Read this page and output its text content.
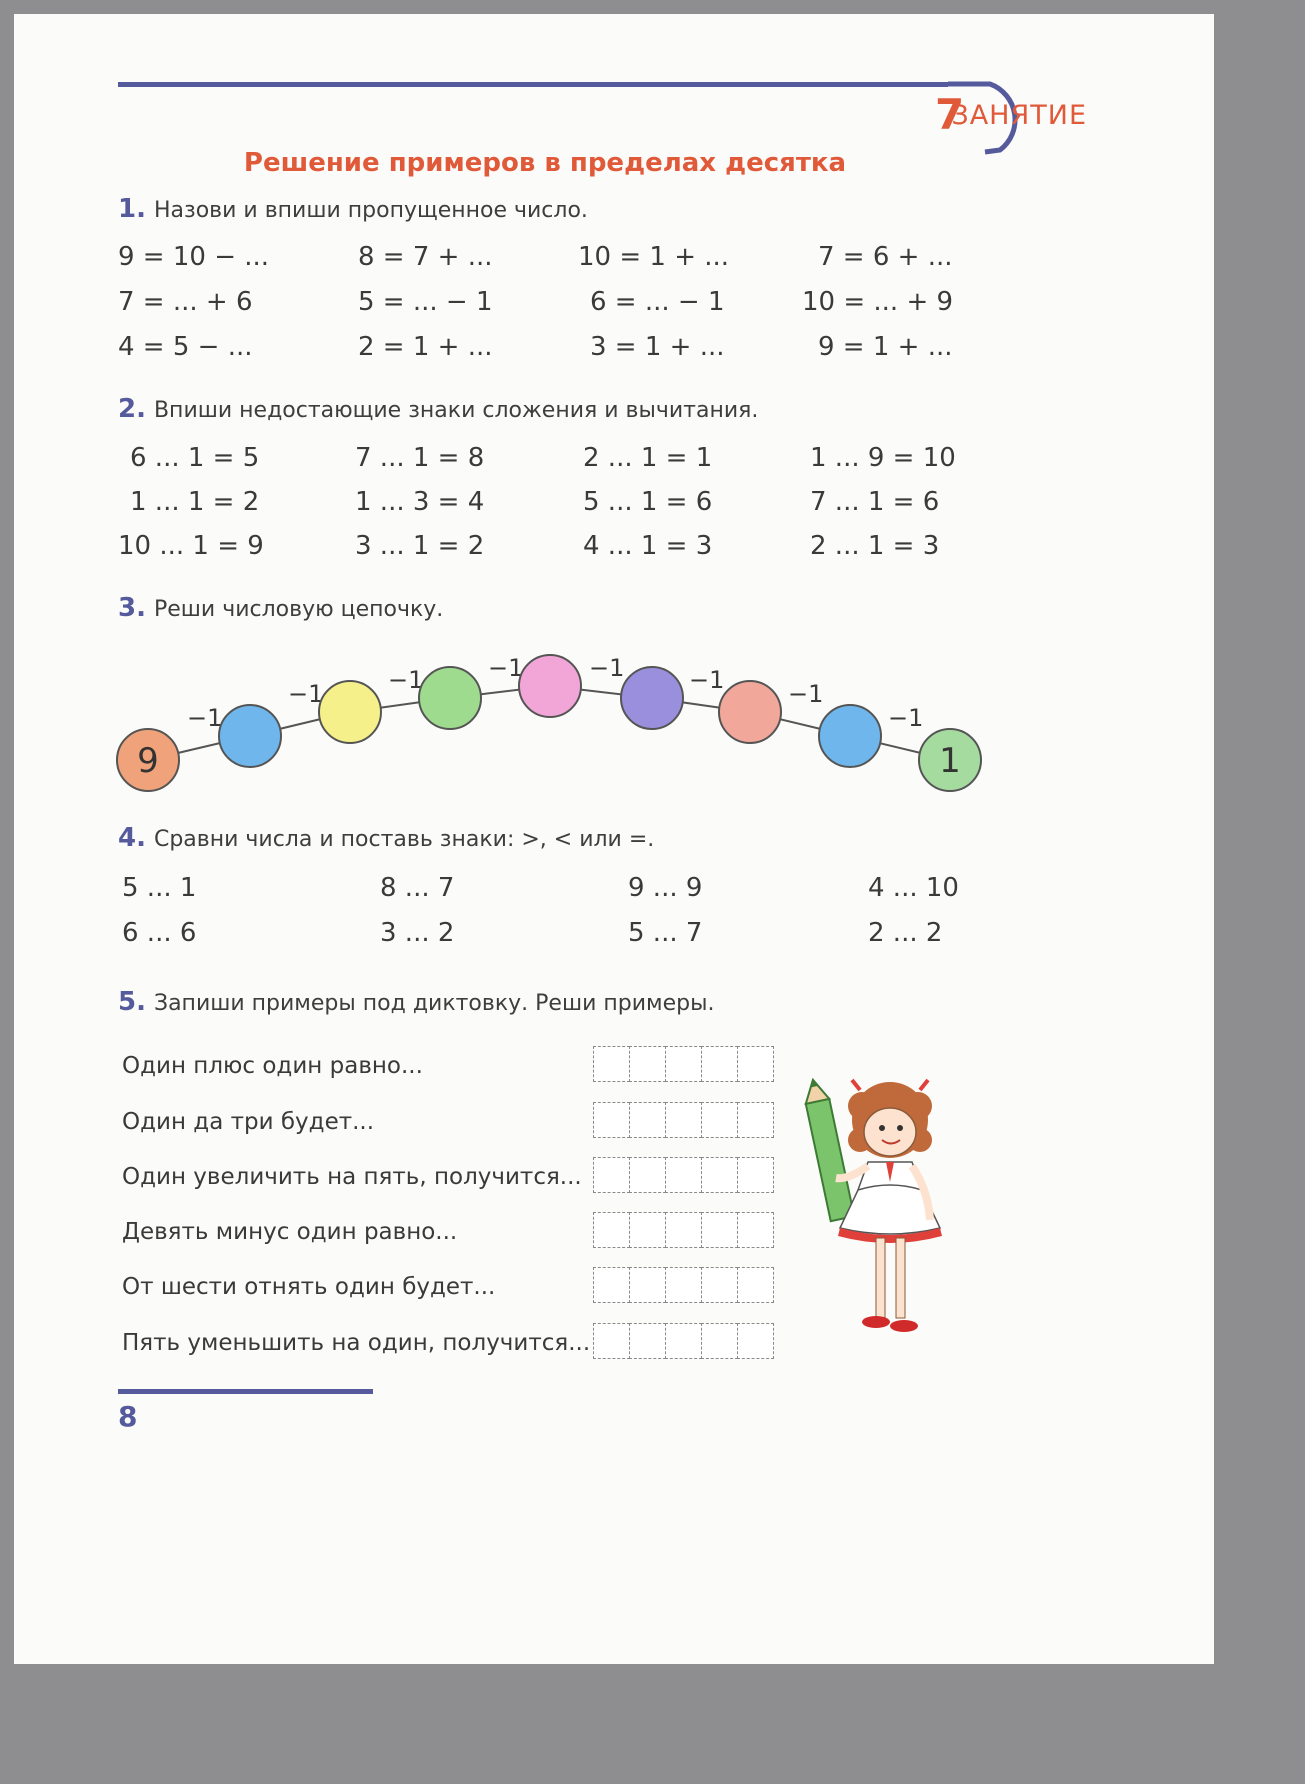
ЗАНЯТИЕ
7
Решение примеров в пределах десятка
1. Назови и впиши пропущенное число.
9 = 10 − ...	8 = 7 + ...	10 = 1 + ...	7 = 6 + ...
7 = ... + 6	5 = ... − 1	6 = ... − 1	10 = ... + 9
4 = 5 − ...	2 = 1 + ...	3 = 1 + ...	9 = 1 + ...
2. Впиши недостающие знаки сложения и вычитания.
6 ... 1 = 5	7 ... 1 = 8	2 ... 1 = 1	1 ... 9 = 10
1 ... 1 = 2	1 ... 3 = 4	5 ... 1 = 6	7 ... 1 = 6
10 ... 1 = 9	3 ... 1 = 2	4 ... 1 = 3	2 ... 1 = 3
3. Реши числовую цепочку.
−1
−1	−1	−1	−1	−1	−1
−1
9	1
4. Сравни числа и поставь знаки: >, < или =.
5 ... 1	8 ... 7	9 ... 9	4 ... 10
6 ... 6	3 ... 2	5 ... 7	2 ... 2
5. Запиши примеры под диктовку. Реши примеры.
Один плюс один равно...
Один да три будет...
Один увеличить на пять, получится...
Девять минус один равно...
От шести отнять один будет...
Пять уменьшить на один, получится...
8
